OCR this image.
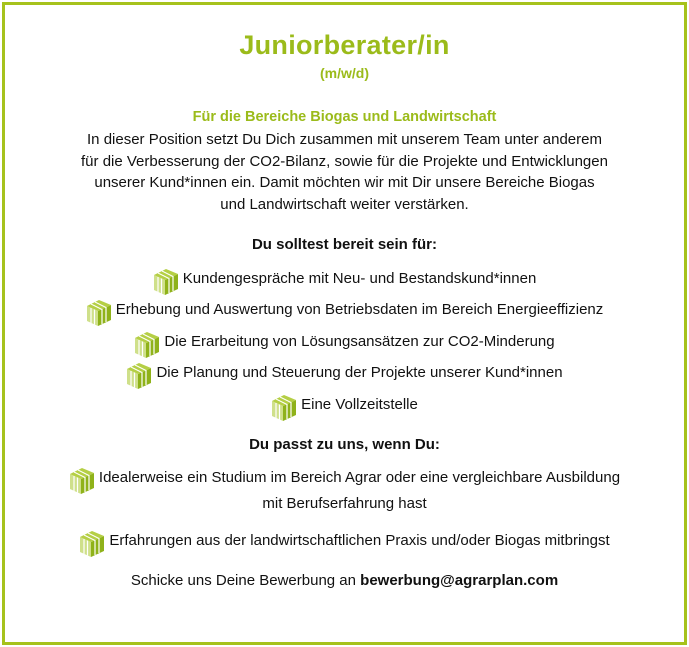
Juniorberater/in
(m/w/d)
Für die Bereiche Biogas und Landwirtschaft
In dieser Position setzt Du Dich zusammen mit unserem Team unter anderem
für die Verbesserung der CO2-Bilanz, sowie für die Projekte und Entwicklungen
unserer Kund*innen ein. Damit möchten wir mit Dir unsere Bereiche Biogas
und Landwirtschaft weiter verstärken.
Du solltest bereit sein für:
Kundengespräche mit Neu- und Bestandskund*innen
Erhebung und Auswertung von Betriebsdaten im Bereich Energieeffizienz
Die Erarbeitung von Lösungsansätzen zur CO2-Minderung
Die Planung und Steuerung der Projekte unserer Kund*innen
Eine Vollzeitstelle
Du passt zu uns, wenn Du:
Idealerweise ein Studium im Bereich Agrar oder eine vergleichbare Ausbildung
mit Berufserfahrung hast
Erfahrungen aus der landwirtschaftlichen Praxis und/oder Biogas mitbringst
Schicke uns Deine Bewerbung an bewerbung@agrarplan.com
